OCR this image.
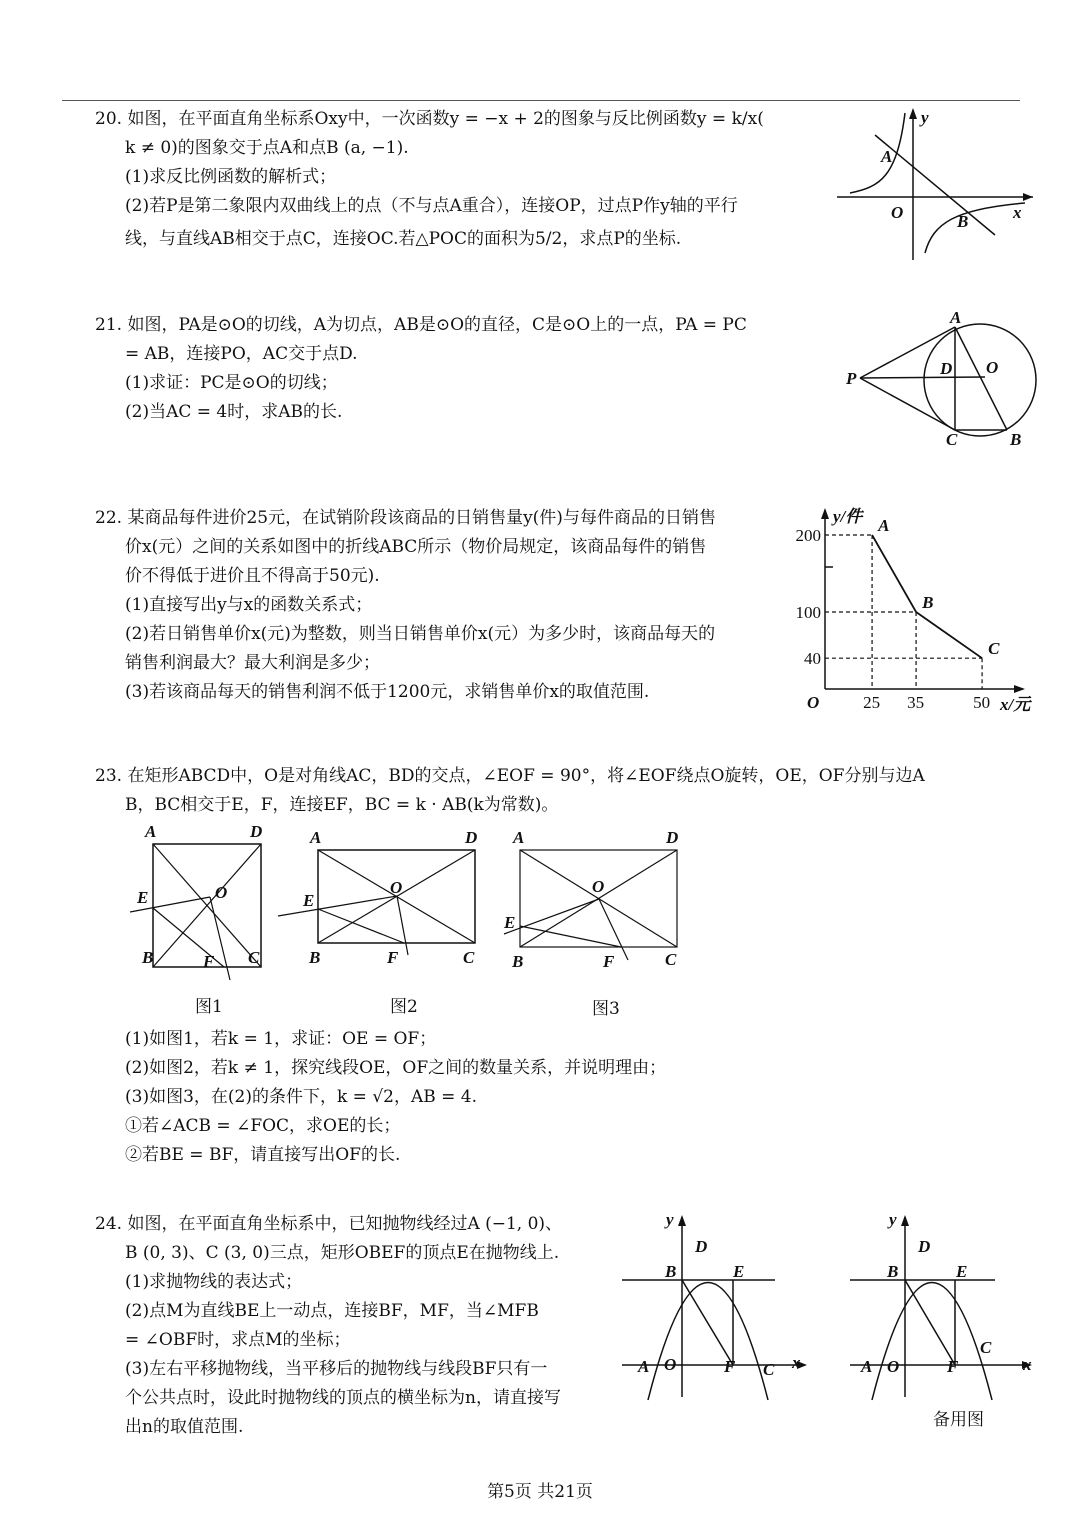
20. 如图，在平面直角坐标系Oxy中，一次函数y = −x + 2的图象与反比例函数y = k/x(

k ≠ 0)的图象交于点A和点B (a, −1).

(1)求反比例函数的解析式；

(2)若P是第二象限内双曲线上的点（不与点A重合），连接OP，过点P作y轴的平行

线，与直线AB相交于点C，连接OC.若△POC的面积为5/2，求点P的坐标.

y
x
O
A
B

21. 如图，PA是⊙O的切线，A为切点，AB是⊙O的直径，C是⊙O上的一点，PA = PC

= AB，连接PO，AC交于点D.

(1)求证：PC是⊙O的切线；

(2)当AC = 4时，求AB的长.

A
P
D O
C	B

22. 某商品每件进价25元，在试销阶段该商品的日销售量y(件)与每件商品的日销售

价x(元）之间的关系如图中的折线ABC所示（物价局规定，该商品每件的销售

价不得低于进价且不得高于50元).

(1)直接写出y与x的函数关系式；

(2)若日销售单价x(元)为整数，则当日销售单价x(元）为多少时，该商品每天的

销售利润最大？最大利润是多少；

(3)若该商品每天的销售利润不低于1200元，求销售单价x的取值范围.

A
25
200
B
35
100
C
50
40
O
y/件
x/元

23. 在矩形ABCD中，O是对角线AC，BD的交点，∠EOF = 90°，将∠EOF绕点O旋转，OE，OF分别与边A

B，BC相交于E，F，连接EF，BC = k · AB(k为常数)。

A	D
E	O
B	F C
图1
A	D
E
O
B	F	C
图2
A	D
E
O
B	F	C
图3

(1)如图1，若k = 1，求证：OE = OF；

(2)如图2，若k ≠ 1，探究线段OE，OF之间的数量关系，并说明理由；

(3)如图3，在(2)的条件下，k = √2，AB = 4.

①若∠ACB = ∠FOC，求OE的长；

②若BE = BF，请直接写出OF的长.

24. 如图，在平面直角坐标系中，已知抛物线经过A (−1, 0)、

B (0, 3)、C (3, 0)三点，矩形OBEF的顶点E在抛物线上.

(1)求抛物线的表达式；

(2)点M为直线BE上一动点，连接BF，MF，当∠MFB

= ∠OBF时，求点M的坐标；

(3)左右平移抛物线，当平移后的抛物线与线段BF只有一

个公共点时，设此时抛物线的顶点的横坐标为n，请直接写

出n的取值范围.

y
x
D
B	E
A O	F C
y
x
D
B	E
A O	F
C
备用图
第5页 共21页
